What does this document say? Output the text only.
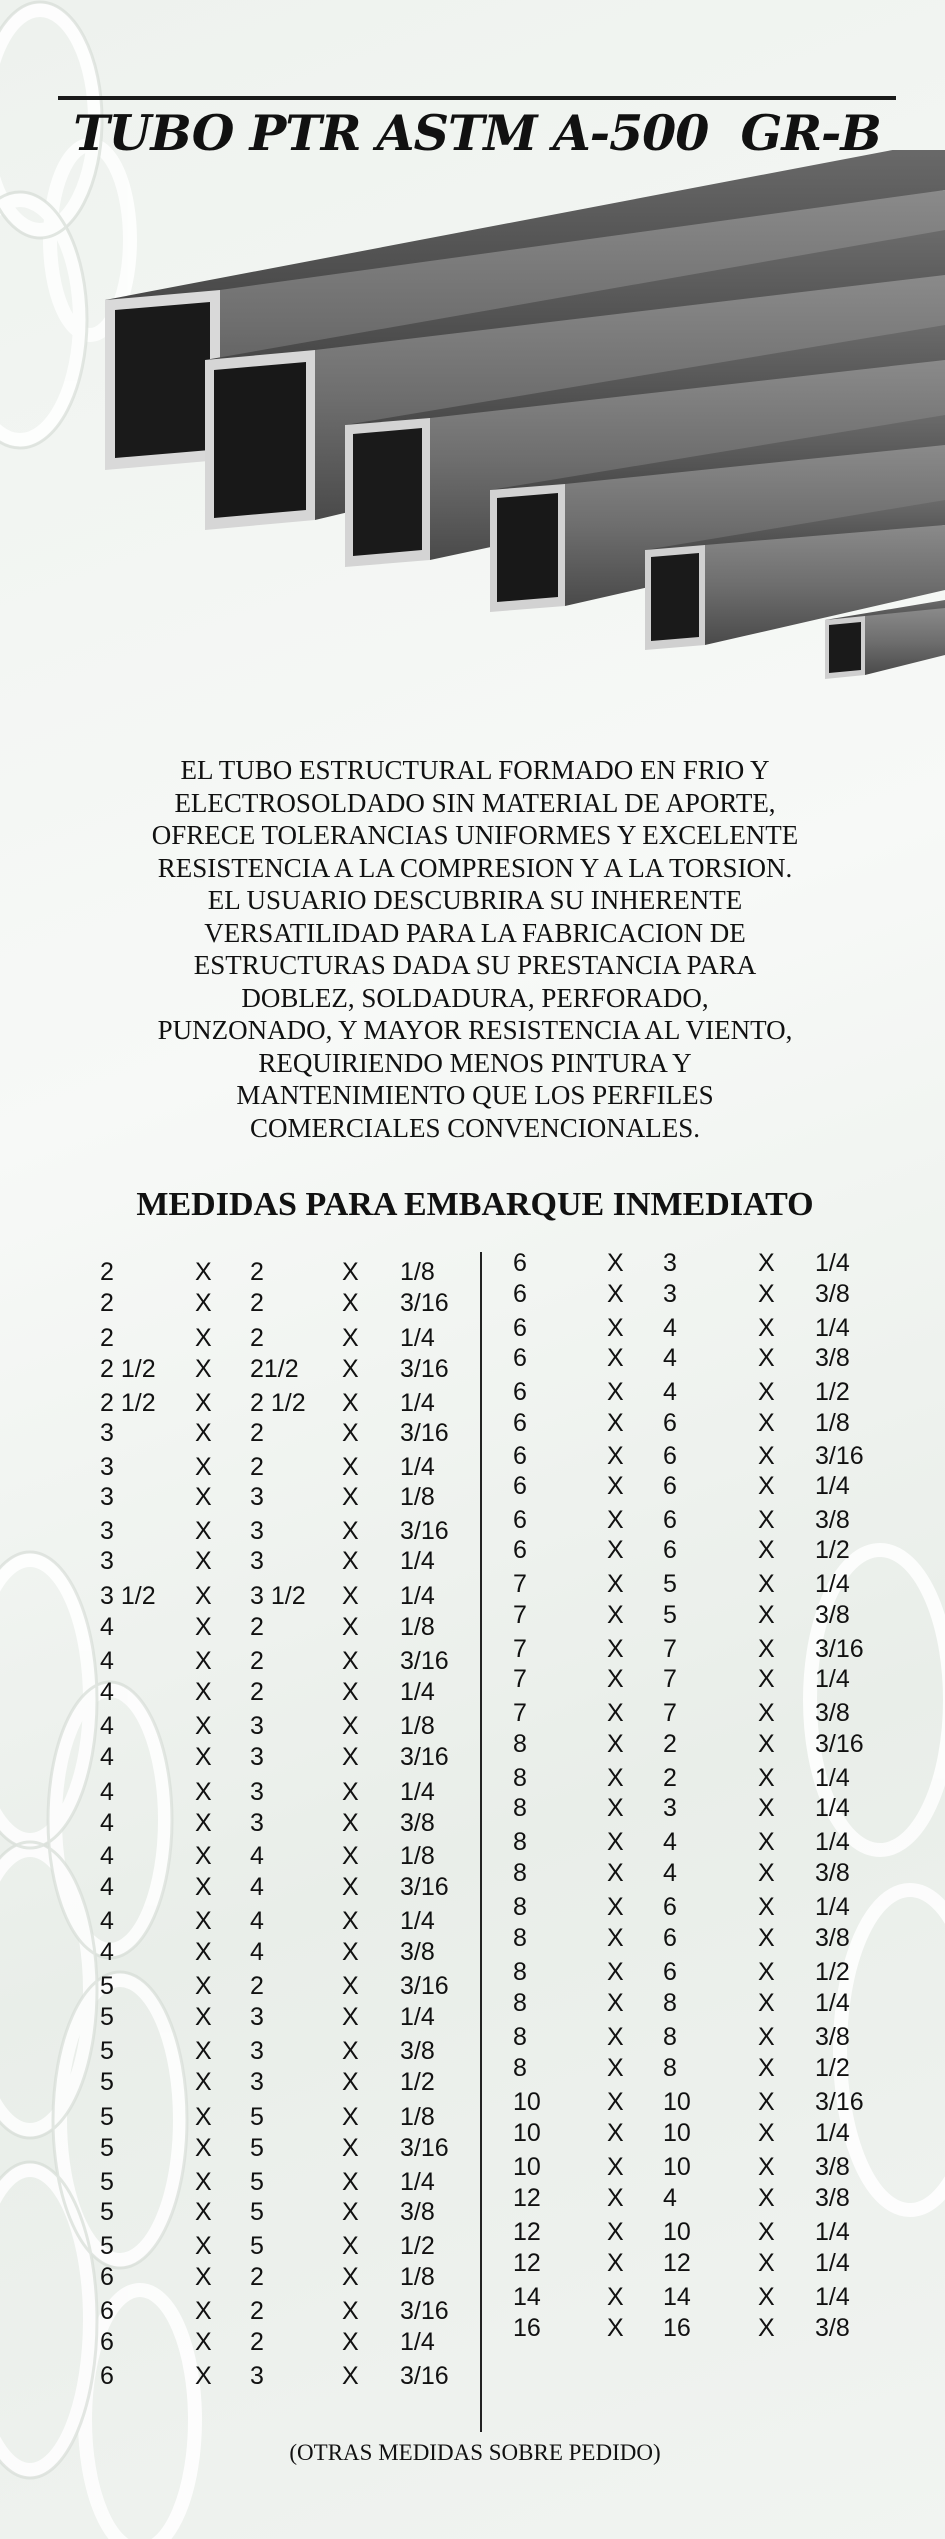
TUBO PTR ASTM A-500  GR-B
EL TUBO ESTRUCTURAL FORMADO EN FRIO Y
ELECTROSOLDADO SIN MATERIAL DE APORTE,
OFRECE TOLERANCIAS UNIFORMES Y EXCELENTE
RESISTENCIA A LA COMPRESION Y A LA TORSION.
EL USUARIO DESCUBRIRA SU INHERENTE
VERSATILIDAD PARA LA FABRICACION DE
ESTRUCTURAS DADA SU PRESTANCIA PARA
DOBLEZ, SOLDADURA, PERFORADO,
PUNZONADO, Y MAYOR RESISTENCIA AL VIENTO,
REQUIRIENDO MENOS PINTURA Y
MANTENIMIENTO QUE LOS PERFILES
COMERCIALES CONVENCIONALES.
MEDIDAS PARA EMBARQUE INMEDIATO
2	X 2	X 1/8
2	X 2	X 3/16
2	X 2	X 1/4
2 1/2 X 21/2 X 3/16
2 1/2 X 2 1/2 X 1/4
3	X 2	X 3/16
3	X 2	X 1/4
3	X 3	X 1/8
3	X 3	X 3/16
3	X 3	X 1/4
3 1/2 X 3 1/2 X 1/4
4	X 2	X 1/8
4	X 2	X 3/16
4	X 2	X 1/4
4	X 3	X 1/8
4	X 3	X 3/16
4	X 3	X 1/4
4	X 3	X 3/8
4	X 4	X 1/8
4	X 4	X 3/16
4	X 4	X 1/4
4	X 4	X 3/8
5	X 2	X 3/16
5	X 3	X 1/4
5	X 3	X 3/8
5	X 3	X 1/2
5	X 5	X 1/8
5	X 5	X 3/16
5	X 5	X 1/4
5	X 5	X 3/8
5	X 5	X 1/2
6	X 2	X 1/8
6	X 2	X 3/16
6	X 2	X 1/4
6	X 3	X 3/16
6	X 3	X 1/4
6	X 3	X 3/8
6	X 4	X 1/4
6	X 4	X 3/8
6	X 4	X 1/2
6	X 6	X 1/8
6	X 6	X 3/16
6	X 6	X 1/4
6	X 6	X 3/8
6	X 6	X 1/2
7	X 5	X 1/4
7	X 5	X 3/8
7	X 7	X 3/16
7	X 7	X 1/4
7	X 7	X 3/8
8	X 2	X 3/16
8	X 2	X 1/4
8	X 3	X 1/4
8	X 4	X 1/4
8	X 4	X 3/8
8	X 6	X 1/4
8	X 6	X 3/8
8	X 6	X 1/2
8	X 8	X 1/4
8	X 8	X 3/8
8	X 8	X 1/2
10	X 10	X 3/16
10	X 10	X 1/4
10	X 10	X 3/8
12	X 4	X 3/8
12	X 10	X 1/4
12	X 12	X 1/4
14	X 14	X 1/4
16	X 16	X 3/8
(OTRAS MEDIDAS SOBRE PEDIDO)
